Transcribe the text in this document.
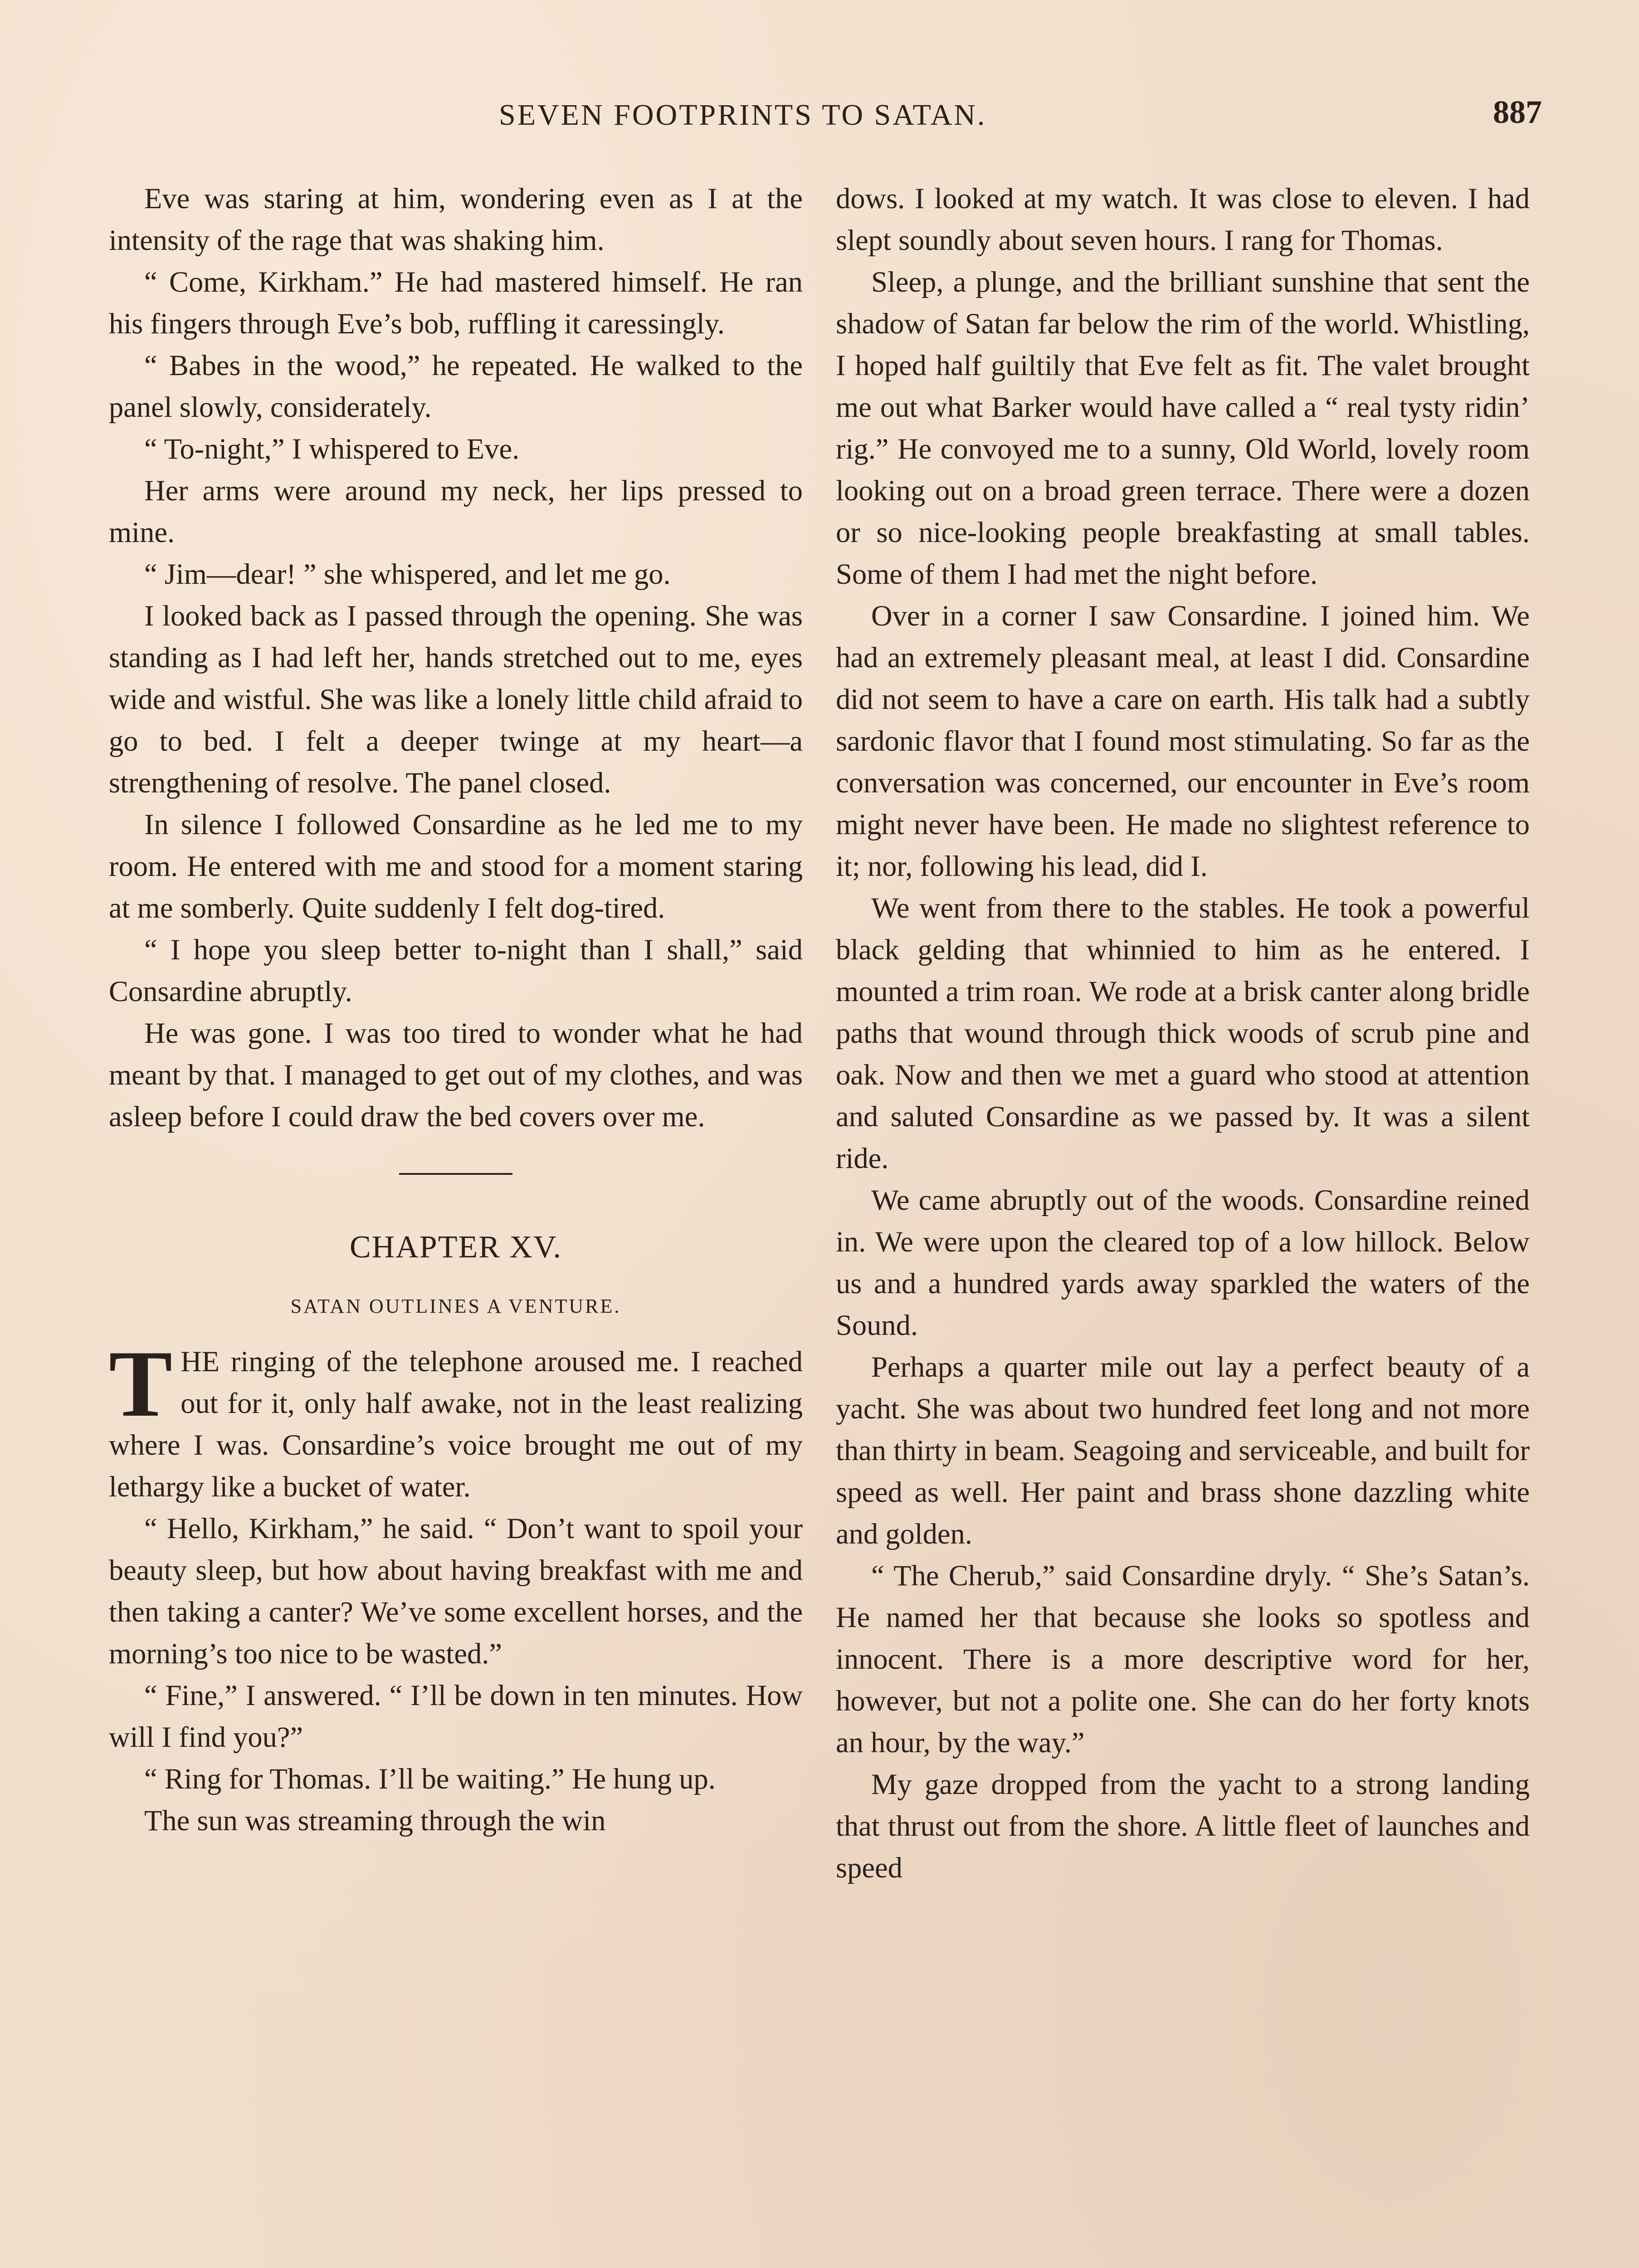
SEVEN FOOTPRINTS TO SATAN.	887

Eve was staring at him, wondering even as I at the intensity of the rage that was shaking him.

“ Come, Kirkham.” He had mastered himself. He ran his fingers through Eve’s bob, ruffling it caressingly.

“ Babes in the wood,” he repeated. He walked to the panel slowly, considerately.

“ To-night,” I whispered to Eve.

Her arms were around my neck, her lips pressed to mine.

“ Jim—dear! ” she whispered, and let me go.

I looked back as I passed through the opening. She was standing as I had left her, hands stretched out to me, eyes wide and wistful. She was like a lonely little child afraid to go to bed. I felt a deeper twinge at my heart—a strengthening of resolve. The panel closed.

In silence I followed Consardine as he led me to my room. He entered with me and stood for a moment staring at me somberly. Quite suddenly I felt dog-tired.

“ I hope you sleep better to-night than I shall,” said Consardine abruptly.

He was gone. I was too tired to wonder what he had meant by that. I managed to get out of my clothes, and was asleep before I could draw the bed covers over me.

CHAPTER XV.
SATAN OUTLINES A VENTURE.

THE ringing of the telephone aroused me. I reached out for it, only half awake, not in the least realizing where I was. Consardine’s voice brought me out of my lethargy like a bucket of water.

“ Hello, Kirkham,” he said. “ Don’t want to spoil your beauty sleep, but how about having breakfast with me and then taking a canter? We’ve some excellent horses, and the morning’s too nice to be wasted.”

“ Fine,” I answered. “ I’ll be down in ten minutes. How will I find you?”

“ Ring for Thomas. I’ll be waiting.” He hung up.

The sun was streaming through the win

dows. I looked at my watch. It was close to eleven. I had slept soundly about seven hours. I rang for Thomas.

Sleep, a plunge, and the brilliant sunshine that sent the shadow of Satan far below the rim of the world. Whistling, I hoped half guiltily that Eve felt as fit. The valet brought me out what Barker would have called a “ real tysty ridin’ rig.” He convoyed me to a sunny, Old World, lovely room looking out on a broad green terrace. There were a dozen or so nice-looking people breakfasting at small tables. Some of them I had met the night before.

Over in a corner I saw Consardine. I joined him. We had an extremely pleasant meal, at least I did. Consardine did not seem to have a care on earth. His talk had a subtly sardonic flavor that I found most stimulating. So far as the conversation was concerned, our encounter in Eve’s room might never have been. He made no slightest reference to it; nor, following his lead, did I.

We went from there to the stables. He took a powerful black gelding that whinnied to him as he entered. I mounted a trim roan. We rode at a brisk canter along bridle paths that wound through thick woods of scrub pine and oak. Now and then we met a guard who stood at attention and saluted Consardine as we passed by. It was a silent ride.

We came abruptly out of the woods. Consardine reined in. We were upon the cleared top of a low hillock. Below us and a hundred yards away sparkled the waters of the Sound.

Perhaps a quarter mile out lay a perfect beauty of a yacht. She was about two hundred feet long and not more than thirty in beam. Seagoing and serviceable, and built for speed as well. Her paint and brass shone dazzling white and golden.

“ The Cherub,” said Consardine dryly. “ She’s Satan’s. He named her that because she looks so spotless and innocent. There is a more descriptive word for her, however, but not a polite one. She can do her forty knots an hour, by the way.”

My gaze dropped from the yacht to a strong landing that thrust out from the shore. A little fleet of launches and speed
